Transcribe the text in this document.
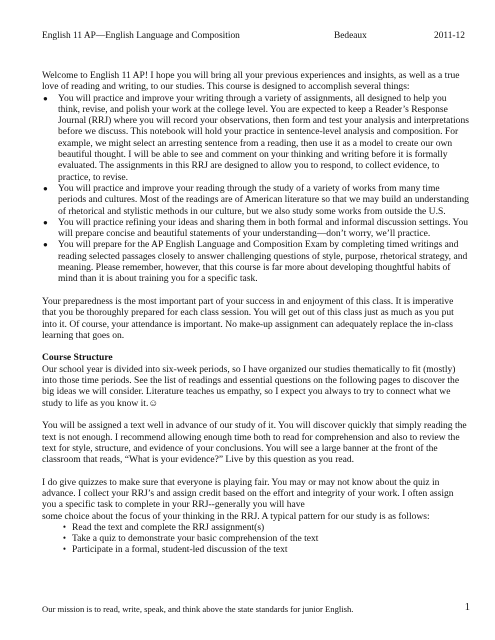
English 11 AP—English Language and Composition	Bedeaux	2011-12

Welcome to English 11 AP! I hope you will bring all your previous experiences and insights, as well as a true love of reading and writing, to our studies. This course is designed to accomplish several things:

●	You will practice and improve your writing through a variety of assignments, all designed to help you think, revise, and polish your work at the college level. You are expected to keep a Reader’s Response Journal (RRJ) where you will record your observations, then form and test your analysis and interpretations before we discuss. This notebook will hold your practice in sentence-level analysis and composition. For example, we might select an arresting sentence from a reading, then use it as a model to create our own beautiful thought. I will be able to see and comment on your thinking and writing before it is formally evaluated. The assignments in this RRJ are designed to allow you to respond, to collect evidence, to practice, to revise.
●	You will practice and improve your reading through the study of a variety of works from many time periods and cultures. Most of the readings are of American literature so that we may build an understanding of rhetorical and stylistic methods in our culture, but we also study some works from outside the U.S.
●	You will practice refining your ideas and sharing them in both formal and informal discussion settings. You will prepare concise and beautiful statements of your understanding—don’t worry, we’ll practice.
●	You will prepare for the AP English Language and Composition Exam by completing timed writings and reading selected passages closely to answer challenging questions of style, purpose, rhetorical strategy, and meaning. Please remember, however, that this course is far more about developing thoughtful habits of mind than it is about training you for a specific task.

Your preparedness is the most important part of your success in and enjoyment of this class. It is imperative that you be thoroughly prepared for each class session. You will get out of this class just as much as you put into it. Of course, your attendance is important. No make-up assignment can adequately replace the in-class learning that goes on.

Course Structure

Our school year is divided into six-week periods, so I have organized our studies thematically to fit (mostly) into those time periods. See the list of readings and essential questions on the following pages to discover the big ideas we will consider. Literature teaches us empathy, so I expect you always to try to connect what we study to life as you know it.☺

You will be assigned a text well in advance of our study of it. You will discover quickly that simply reading the text is not enough. I recommend allowing enough time both to read for comprehension and also to review the text for style, structure, and evidence of your conclusions. You will see a large banner at the front of the classroom that reads, “What is your evidence?” Live by this question as you read.

I do give quizzes to make sure that everyone is playing fair. You may or may not know about the quiz in advance. I collect your RRJ’s and assign credit based on the effort and integrity of your work. I often assign you a specific task to complete in your RRJ--generally you will have

some choice about the focus of your thinking in the RRJ. A typical pattern for our study is as follows:

• Read the text and complete the RRJ assignment(s)
• Take a quiz to demonstrate your basic comprehension of the text
• Participate in a formal, student-led discussion of the text
Our mission is to read, write, speak, and think above the state standards for junior English.	1
